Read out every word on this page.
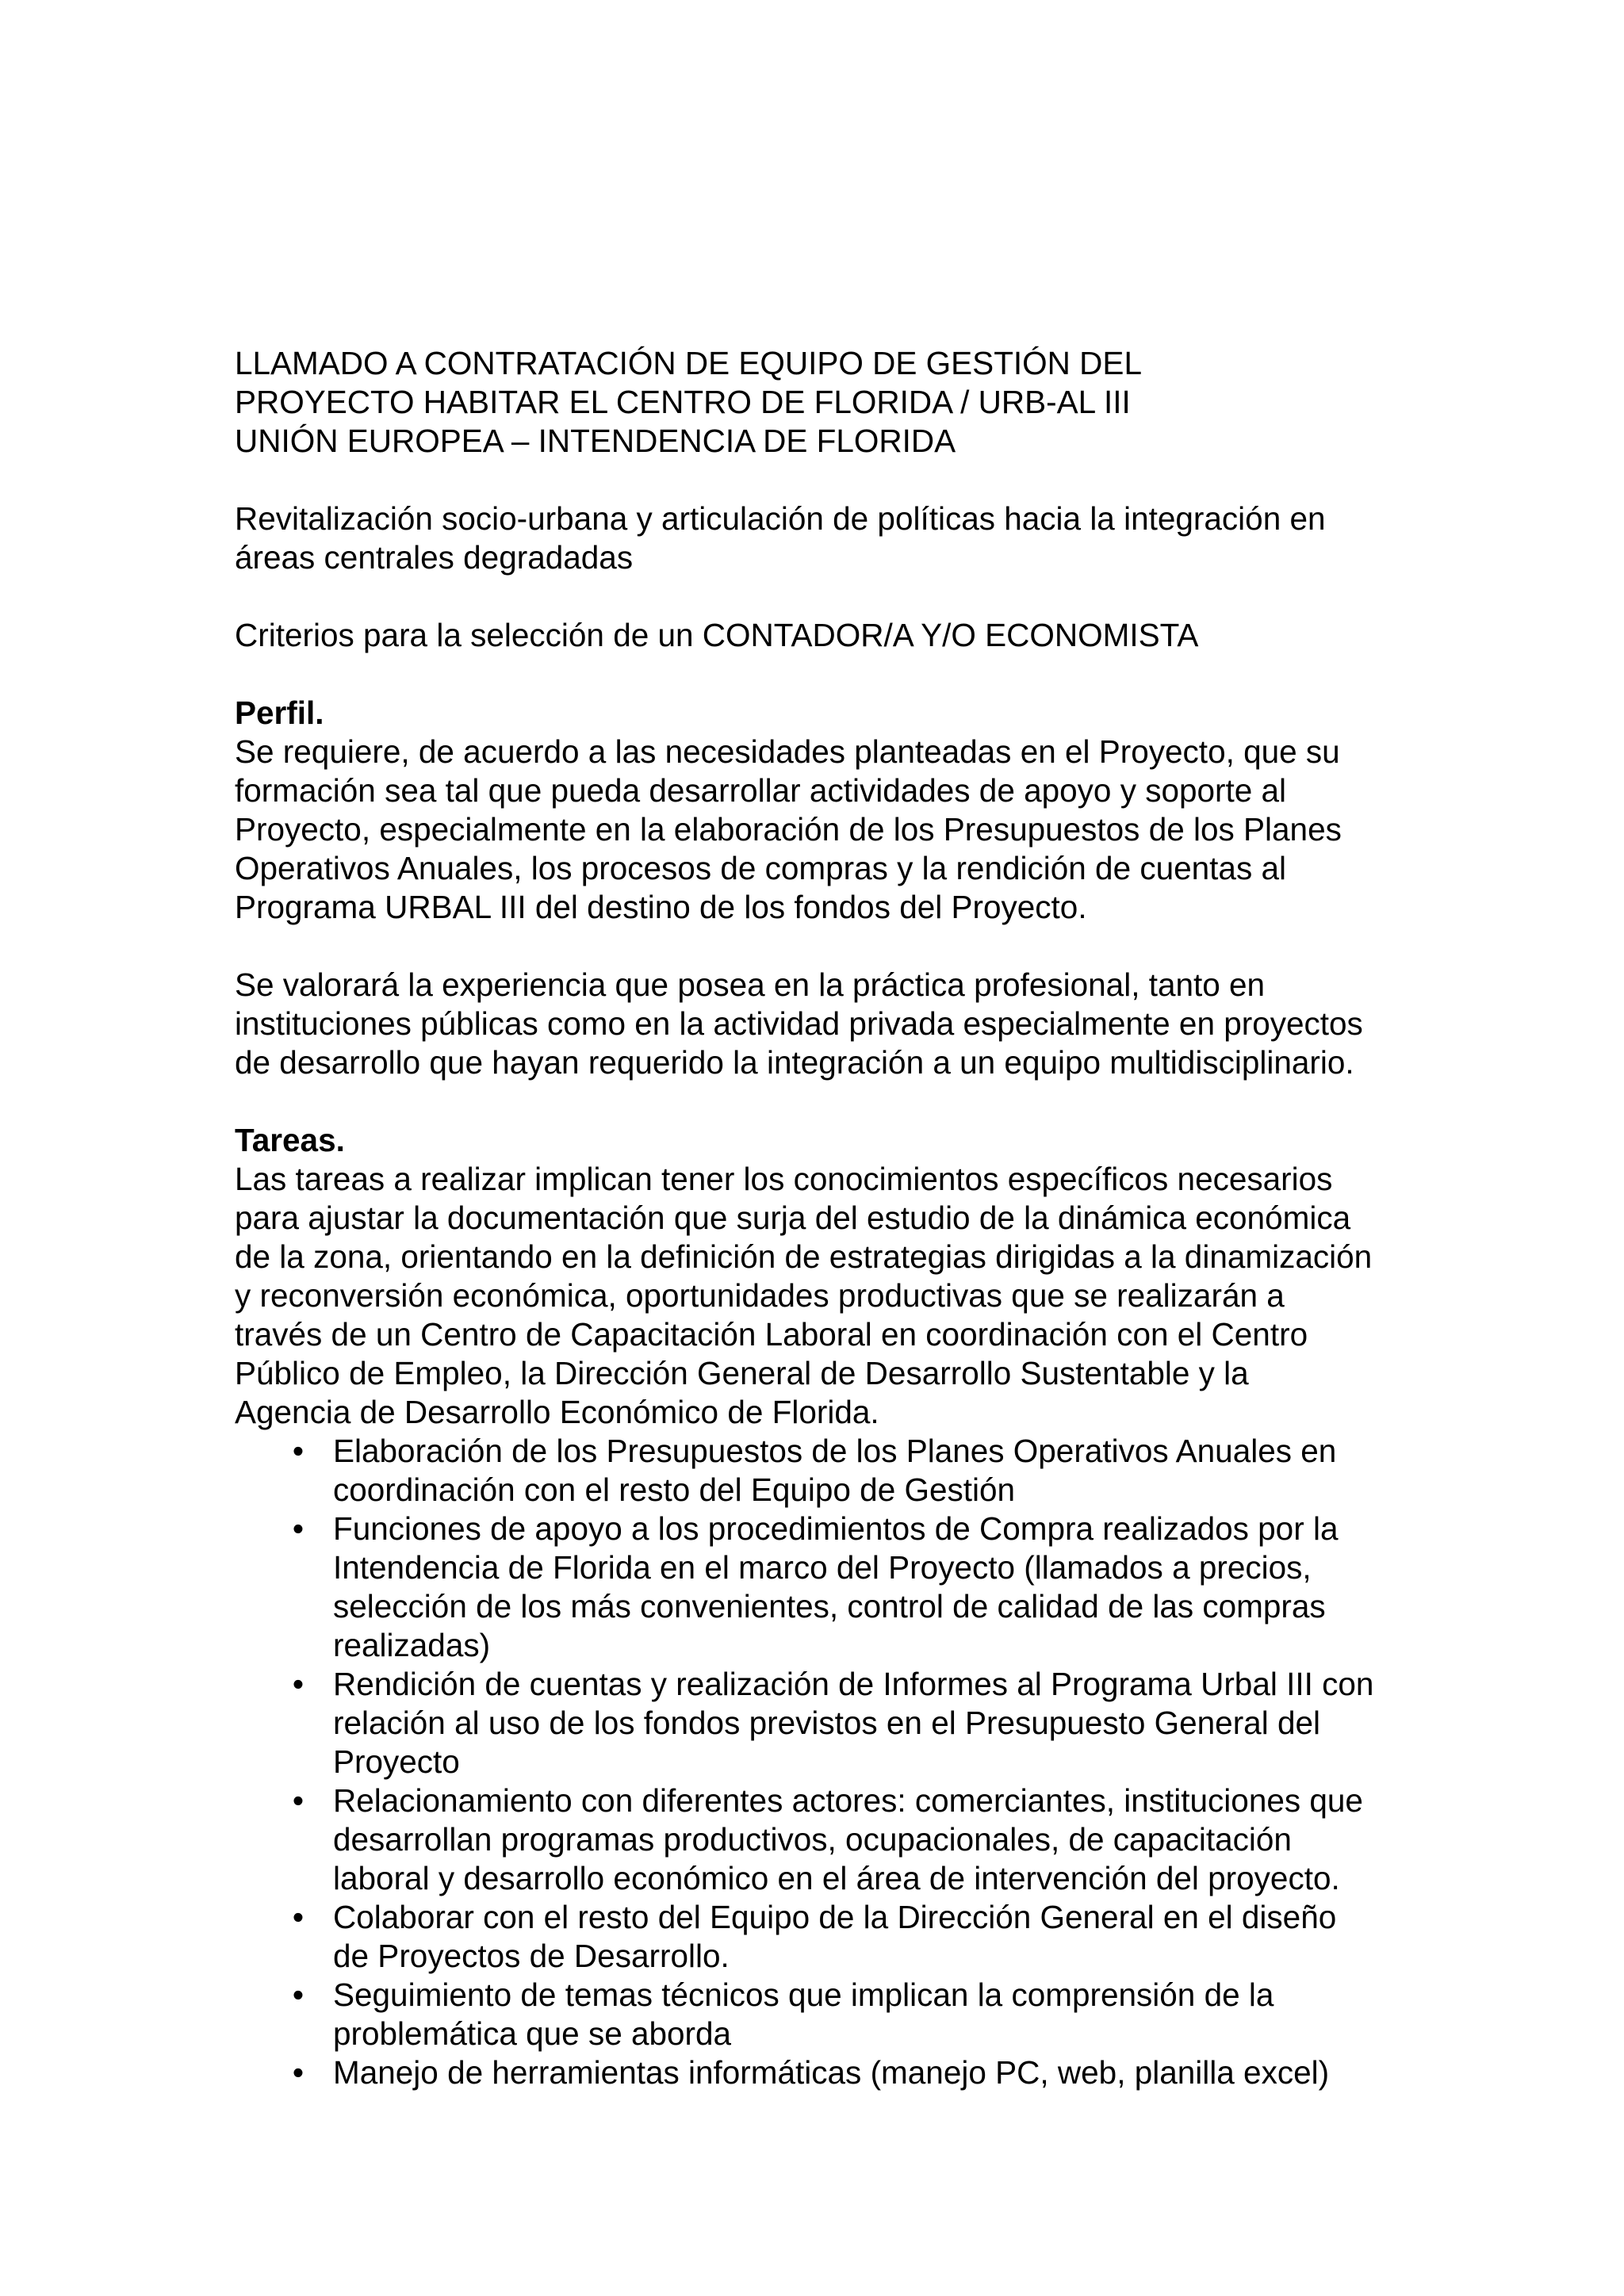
LLAMADO A CONTRATACIÓN DE EQUIPO DE GESTIÓN DEL
PROYECTO HABITAR EL CENTRO DE FLORIDA / URB-AL III
UNIÓN EUROPEA – INTENDENCIA DE FLORIDA
Revitalización socio-urbana y articulación de políticas hacia la integración en
áreas centrales degradadas
Criterios para la selección de un CONTADOR/A Y/O ECONOMISTA
Perfil.
Se requiere, de acuerdo a las necesidades planteadas en el Proyecto, que su
formación sea tal que pueda desarrollar actividades de apoyo y soporte al
Proyecto, especialmente en la elaboración de los Presupuestos de los Planes
Operativos Anuales, los procesos de compras y la rendición de cuentas al
Programa URBAL III del destino de los fondos del Proyecto.
Se valorará la experiencia que posea en la práctica profesional, tanto en
instituciones públicas como en la actividad privada especialmente en proyectos
de desarrollo que hayan requerido la integración a un equipo multidisciplinario.
Tareas.
Las tareas a realizar implican tener los conocimientos específicos necesarios
para ajustar la documentación que surja del estudio de la dinámica económica
de la zona, orientando en la definición de estrategias dirigidas a la dinamización
y reconversión económica, oportunidades productivas que se realizarán a
través de un Centro de Capacitación Laboral en coordinación con el Centro
Público de Empleo, la Dirección General de Desarrollo Sustentable y la
Agencia de Desarrollo Económico de Florida.
• Elaboración de los Presupuestos de los Planes Operativos Anuales en
coordinación con el resto del Equipo de Gestión
• Funciones de apoyo a los procedimientos de Compra realizados por la
Intendencia de Florida en el marco del Proyecto (llamados a precios,
selección de los más convenientes, control de calidad de las compras
realizadas)
• Rendición de cuentas y realización de Informes al Programa Urbal III con
relación al uso de los fondos previstos en el Presupuesto General del
Proyecto
• Relacionamiento con diferentes actores: comerciantes, instituciones que
desarrollan programas productivos, ocupacionales, de capacitación
laboral y desarrollo económico en el área de intervención del proyecto.
• Colaborar con el resto del Equipo de la Dirección General en el diseño
de Proyectos de Desarrollo.
• Seguimiento de temas técnicos que implican la comprensión de la
problemática que se aborda
• Manejo de herramientas informáticas (manejo PC, web, planilla excel)
